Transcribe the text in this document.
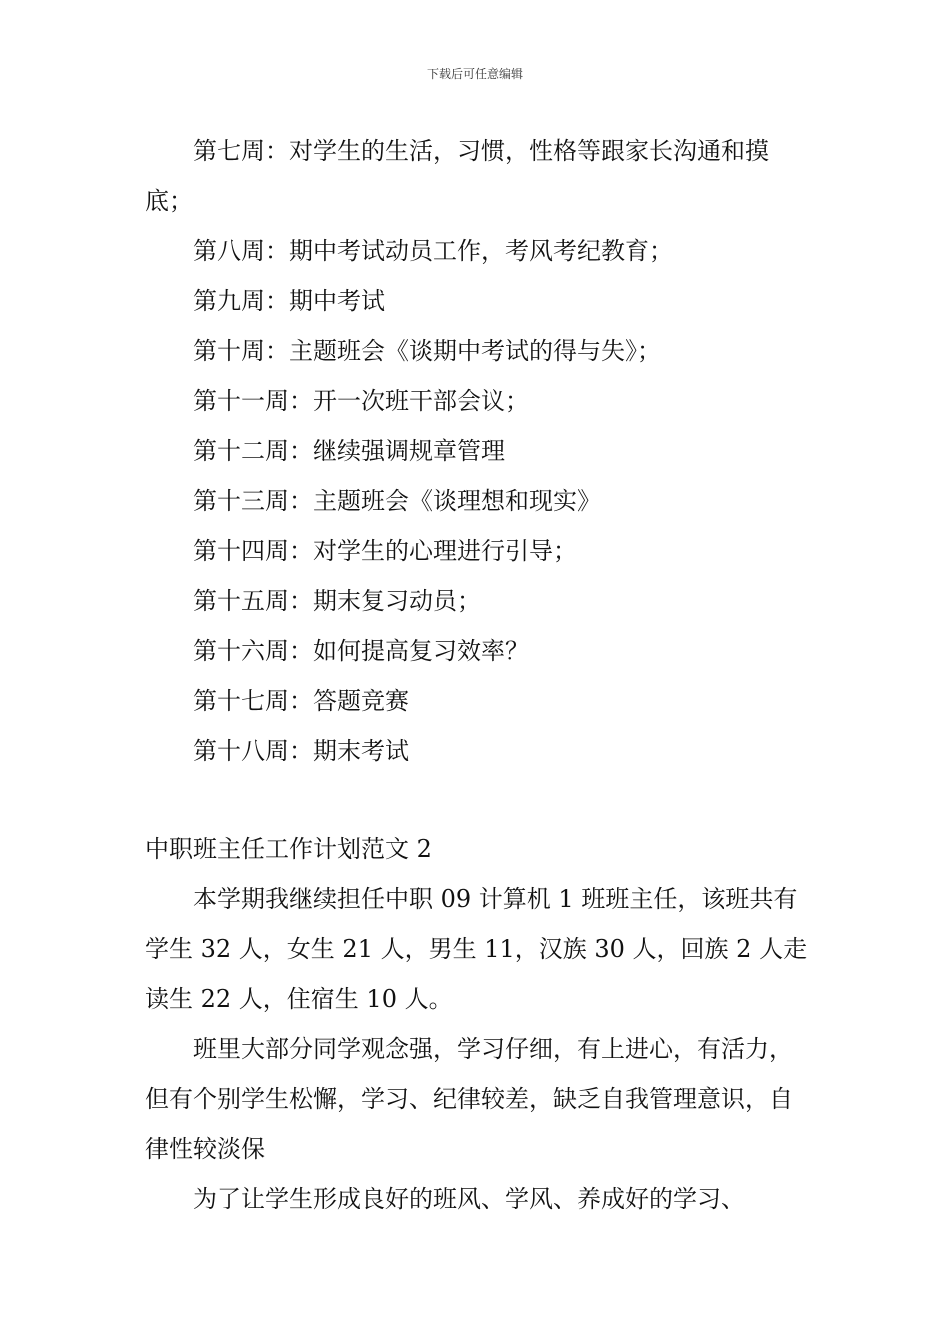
下载后可任意编辑

第七周：对学生的生活，习惯，性格等跟家长沟通和摸底；

第八周：期中考试动员工作，考风考纪教育；

第九周：期中考试

第十周：主题班会《谈期中考试的得与失》；

第十一周：开一次班干部会议；

第十二周：继续强调规章管理

第十三周：主题班会《谈理想和现实》

第十四周：对学生的心理进行引导；

第十五周：期末复习动员；

第十六周：如何提高复习效率？

第十七周：答题竞赛

第十八周：期末考试

中职班主任工作计划范文 2

本学期我继续担任中职 09 计算机 1 班班主任，该班共有学生 32 人，女生 21 人，男生 11，汉族 30 人，回族 2 人走读生 22 人，住宿生 10 人。

班里大部分同学观念强，学习仔细，有上进心，有活力，但有个别学生松懈，学习、纪律较差，缺乏自我管理意识，自律性较淡保

为了让学生形成良好的班风、学风、养成好的学习、
